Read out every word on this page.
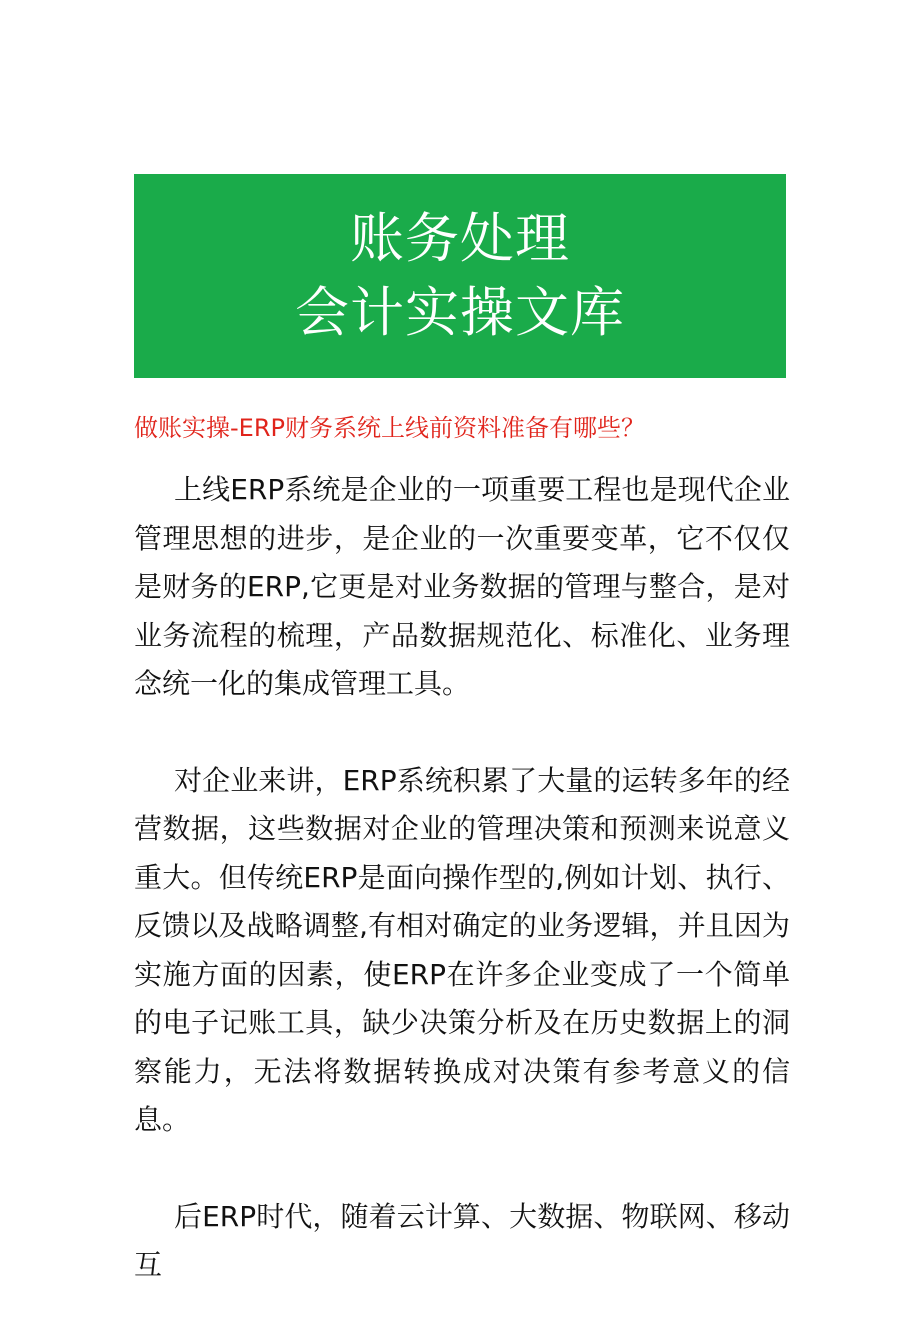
账务处理
会计实操文库
做账实操-ERP财务系统上线前资料准备有哪些？

上线ERP系统是企业的一项重要工程也是现代企业管理思想的进步，是企业的一次重要变革，它不仅仅是财务的ERP,它更是对业务数据的管理与整合，是对业务流程的梳理，产品数据规范化、标准化、业务理念统一化的集成管理工具。

对企业来讲，ERP系统积累了大量的运转多年的经营数据，这些数据对企业的管理决策和预测来说意义重大。但传统ERP是面向操作型的,例如计划、执行、反馈以及战略调整,有相对确定的业务逻辑，并且因为实施方面的因素，使ERP在许多企业变成了一个简单的电子记账工具，缺少决策分析及在历史数据上的洞察能力，无法将数据转换成对决策有参考意义的信息。

后ERP时代，随着云计算、大数据、物联网、移动互
